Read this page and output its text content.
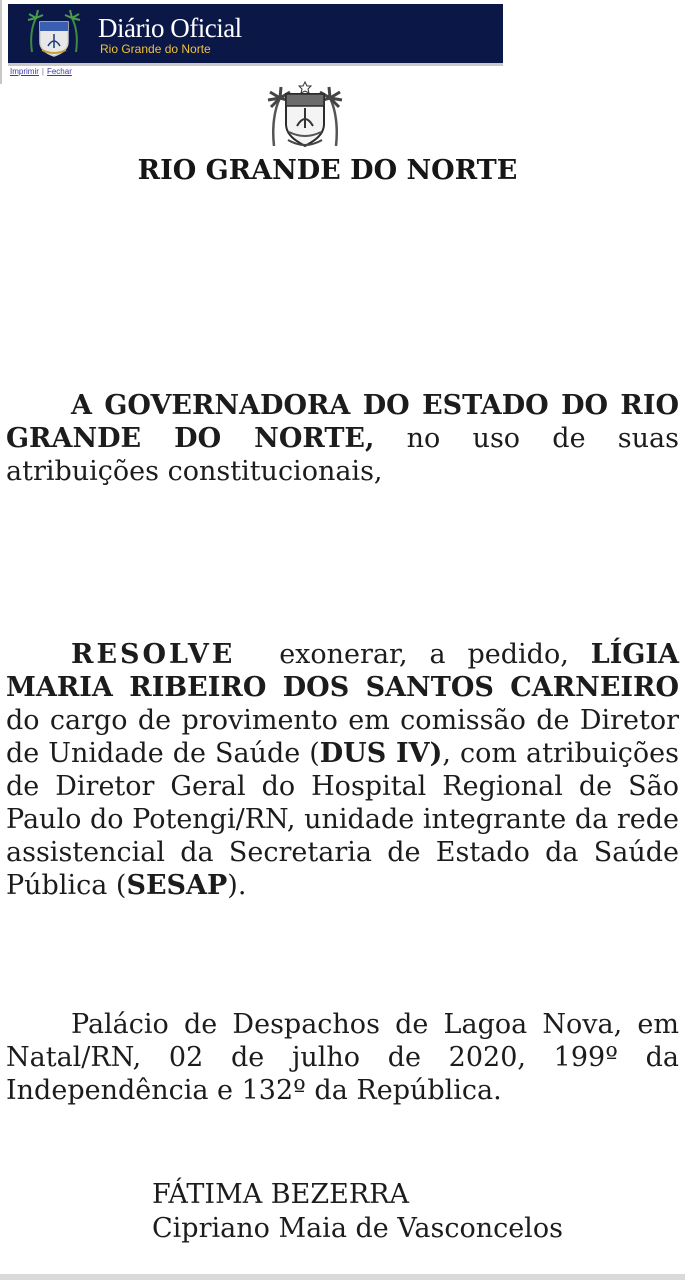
Diário Oficial
Rio Grande do Norte
Imprimir | Fechar
RIO GRANDE DO NORTE

A GOVERNADORA DO ESTADO DO RIO GRANDE DO NORTE, no uso de suas atribuições constitucionais,

RESOLVE  exonerar, a pedido, LÍGIA MARIA RIBEIRO DOS SANTOS CARNEIRO do cargo de provimento em comissão de Diretor de Unidade de Saúde (DUS IV), com atribuições de Diretor Geral do Hospital Regional de São Paulo do Potengi/RN, unidade integrante da rede assistencial da Secretaria de Estado da Saúde Pública (SESAP).

Palácio de Despachos de Lagoa Nova, em Natal/RN, 02 de julho de 2020, 199º da Independência e 132º da República.

FÁTIMA BEZERRA
Cipriano Maia de Vasconcelos
